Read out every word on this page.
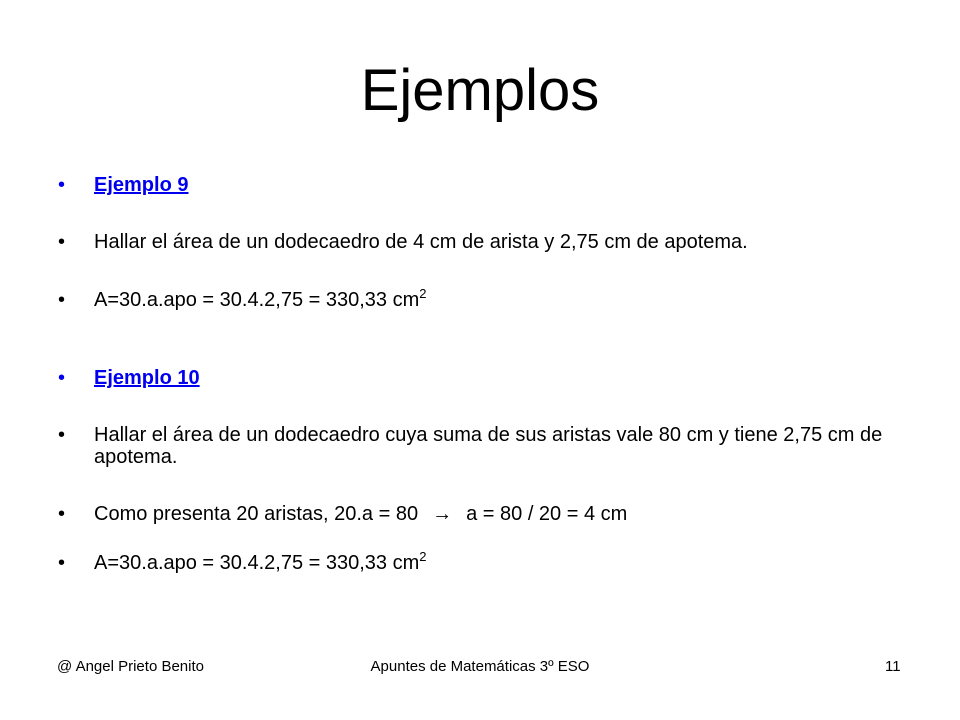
Ejemplos
• Ejemplo 9
• Hallar el área de un dodecaedro de 4 cm de arista y 2,75 cm de apotema.
• A=30.a.apo = 30.4.2,75 = 330,33 $cm^2$
• Ejemplo 10
• Hallar el área de un dodecaedro cuya suma de sus aristas vale 80 cm y tiene 2,75 cm de apotema.
• Como presenta 20 aristas, 20.a = 80 → a = 80 / 20 = 4 cm
• A=30.a.apo = 30.4.2,75 = 330,33 $cm^2$
@ Angel Prieto Benito	Apuntes de Matemáticas 3º ESO	11
